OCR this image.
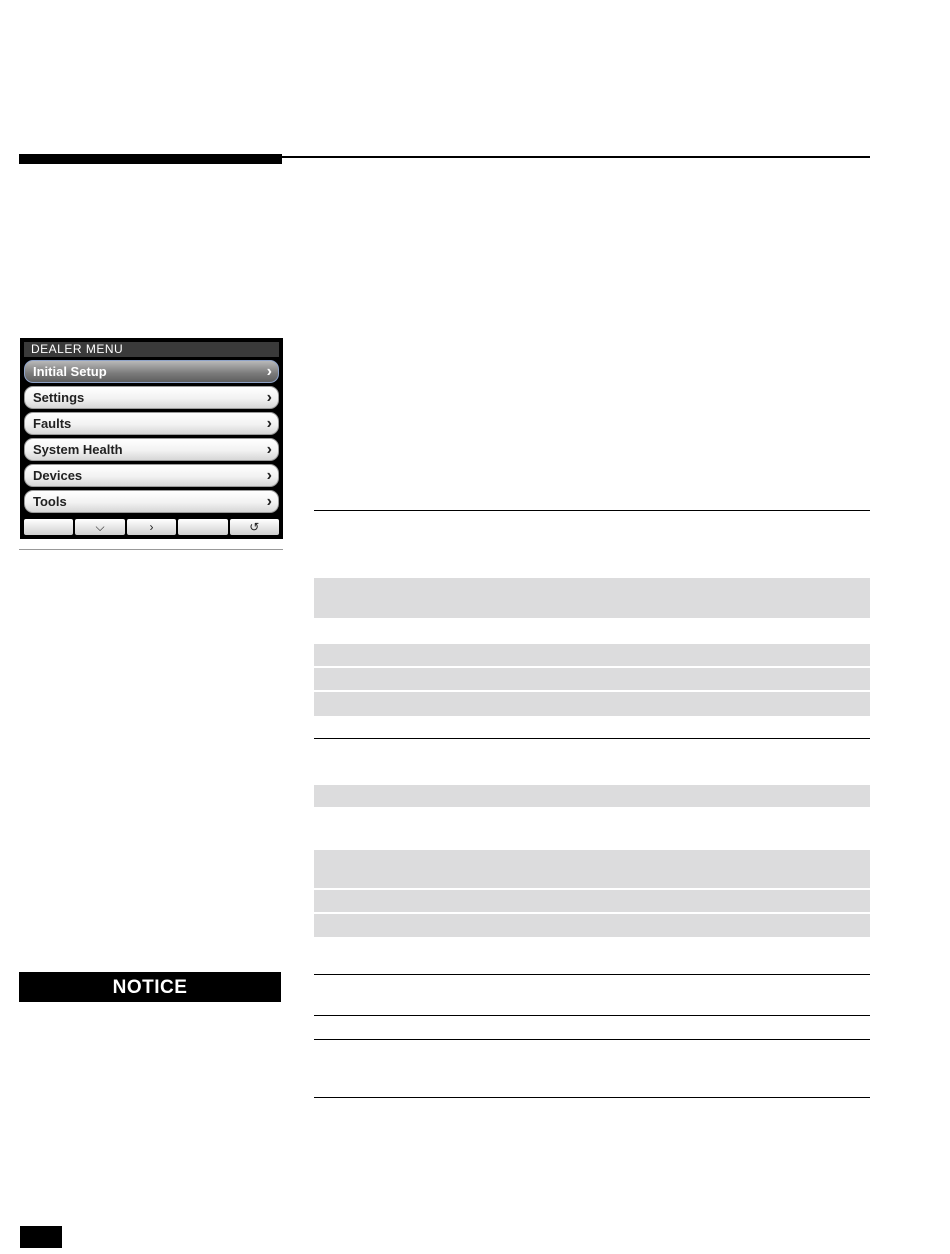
DEALER MENU
Initial Setup	›
Settings	›
Faults	›
System Health	›
Devices	›
Tools	›
⌵	›	↺
NOTICE
